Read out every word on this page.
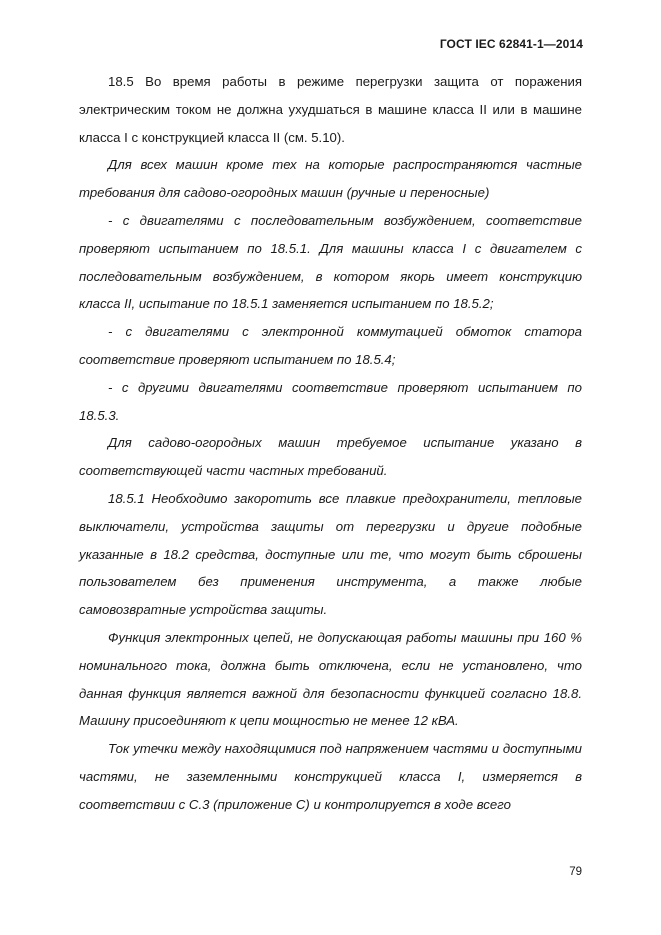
ГОСТ IEC 62841-1—2014

18.5 Во время работы в режиме перегрузки защита от поражения электрическим током не должна ухудшаться в машине класса II или в машине класса I с конструкцией класса II (см. 5.10).

Для всех машин кроме тех на которые распространяются частные требования для садово-огородных машин (ручные и переносные)

- с двигателями с последовательным возбуждением, соответствие проверяют испытанием по 18.5.1. Для машины класса I с двигателем с последовательным возбуждением, в котором якорь имеет конструкцию класса II, испытание по 18.5.1 заменяется испытанием по 18.5.2;

- с двигателями с электронной коммутацией обмоток статора соответствие проверяют испытанием по 18.5.4;

- с другими двигателями соответствие проверяют испытанием по 18.5.3.

Для садово-огородных машин требуемое испытание указано в соответствующей части частных требований.

18.5.1 Необходимо закоротить все плавкие предохранители, тепловые выключатели, устройства защиты от перегрузки и другие подобные указанные в 18.2 средства, доступные или те, что могут быть сброшены пользователем без применения инструмента, а также любые самовозвратные устройства защиты.

Функция электронных цепей, не допускающая работы машины при 160 % номинального тока, должна быть отключена, если не установлено, что данная функция является важной для безопасности функцией согласно 18.8. Машину присоединяют к цепи мощностью не менее 12 кВА.

Ток утечки между находящимися под напряжением частями и доступными частями, не заземленными конструкцией класса I, измеряется в соответствии с С.3 (приложение С) и контролируется в ходе всего

79
